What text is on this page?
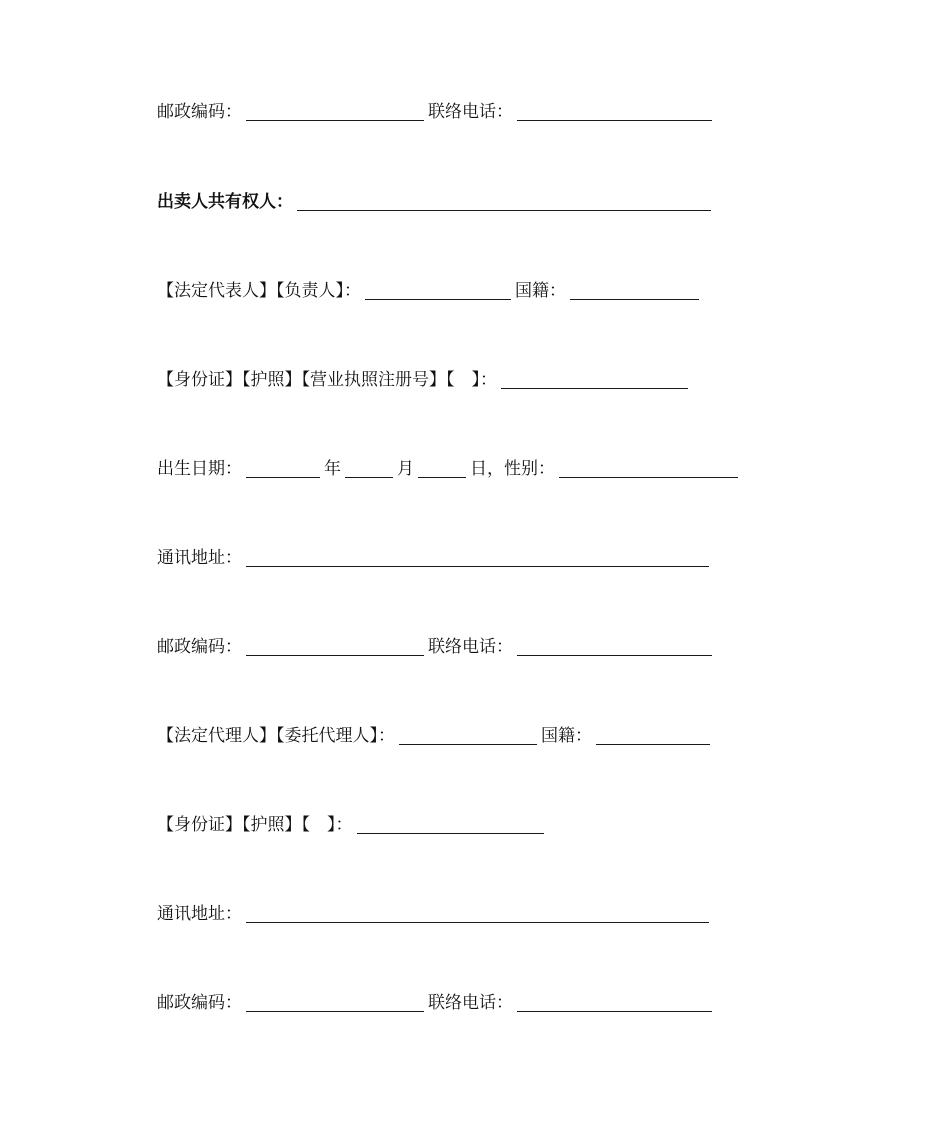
邮政编码：	联络电话：
出卖人共有权人：
【法定代表人】【负责人】：	国籍：
【身份证】【护照】【营业执照注册号】【　】：
出生日期：	年	月	日，性别：
通讯地址：
邮政编码：	联络电话：
【法定代理人】【委托代理人】：	国籍：
【身份证】【护照】【　】：
通讯地址：
邮政编码：	联络电话：
